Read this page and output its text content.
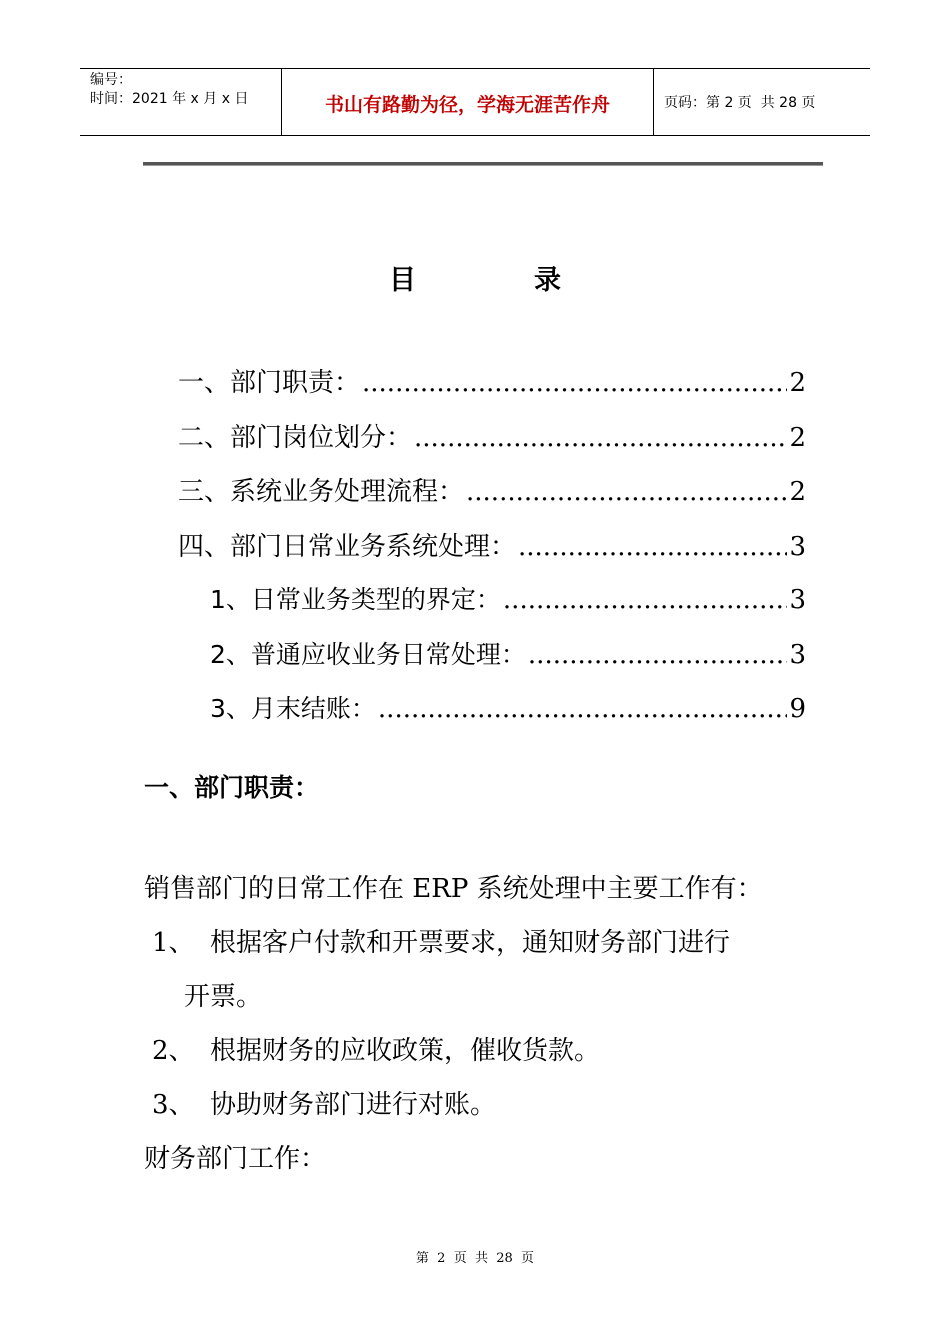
编号：
时间：2021 年 x 月 x 日	书山有路勤为径，学海无涯苦作舟	页码：第 2 页  共 28 页
目	录
一、部门职责： .....	2
二、部门岗位划分： .....	2
三、系统业务处理流程： .....	2
四、部门日常业务系统处理： .....	3
1、日常业务类型的界定： .....	3
2、普通应收业务日常处理： .....	3
3、月末结账： .....	9
一、部门职责：

销售部门的日常工作在 ERP 系统处理中主要工作有：

1、 根据客户付款和开票要求，通知财务部门进行

开票。

2、 根据财务的应收政策，催收货款。
3、 协助财务部门进行对账。

财务部门工作：

第  2  页  共  28  页
